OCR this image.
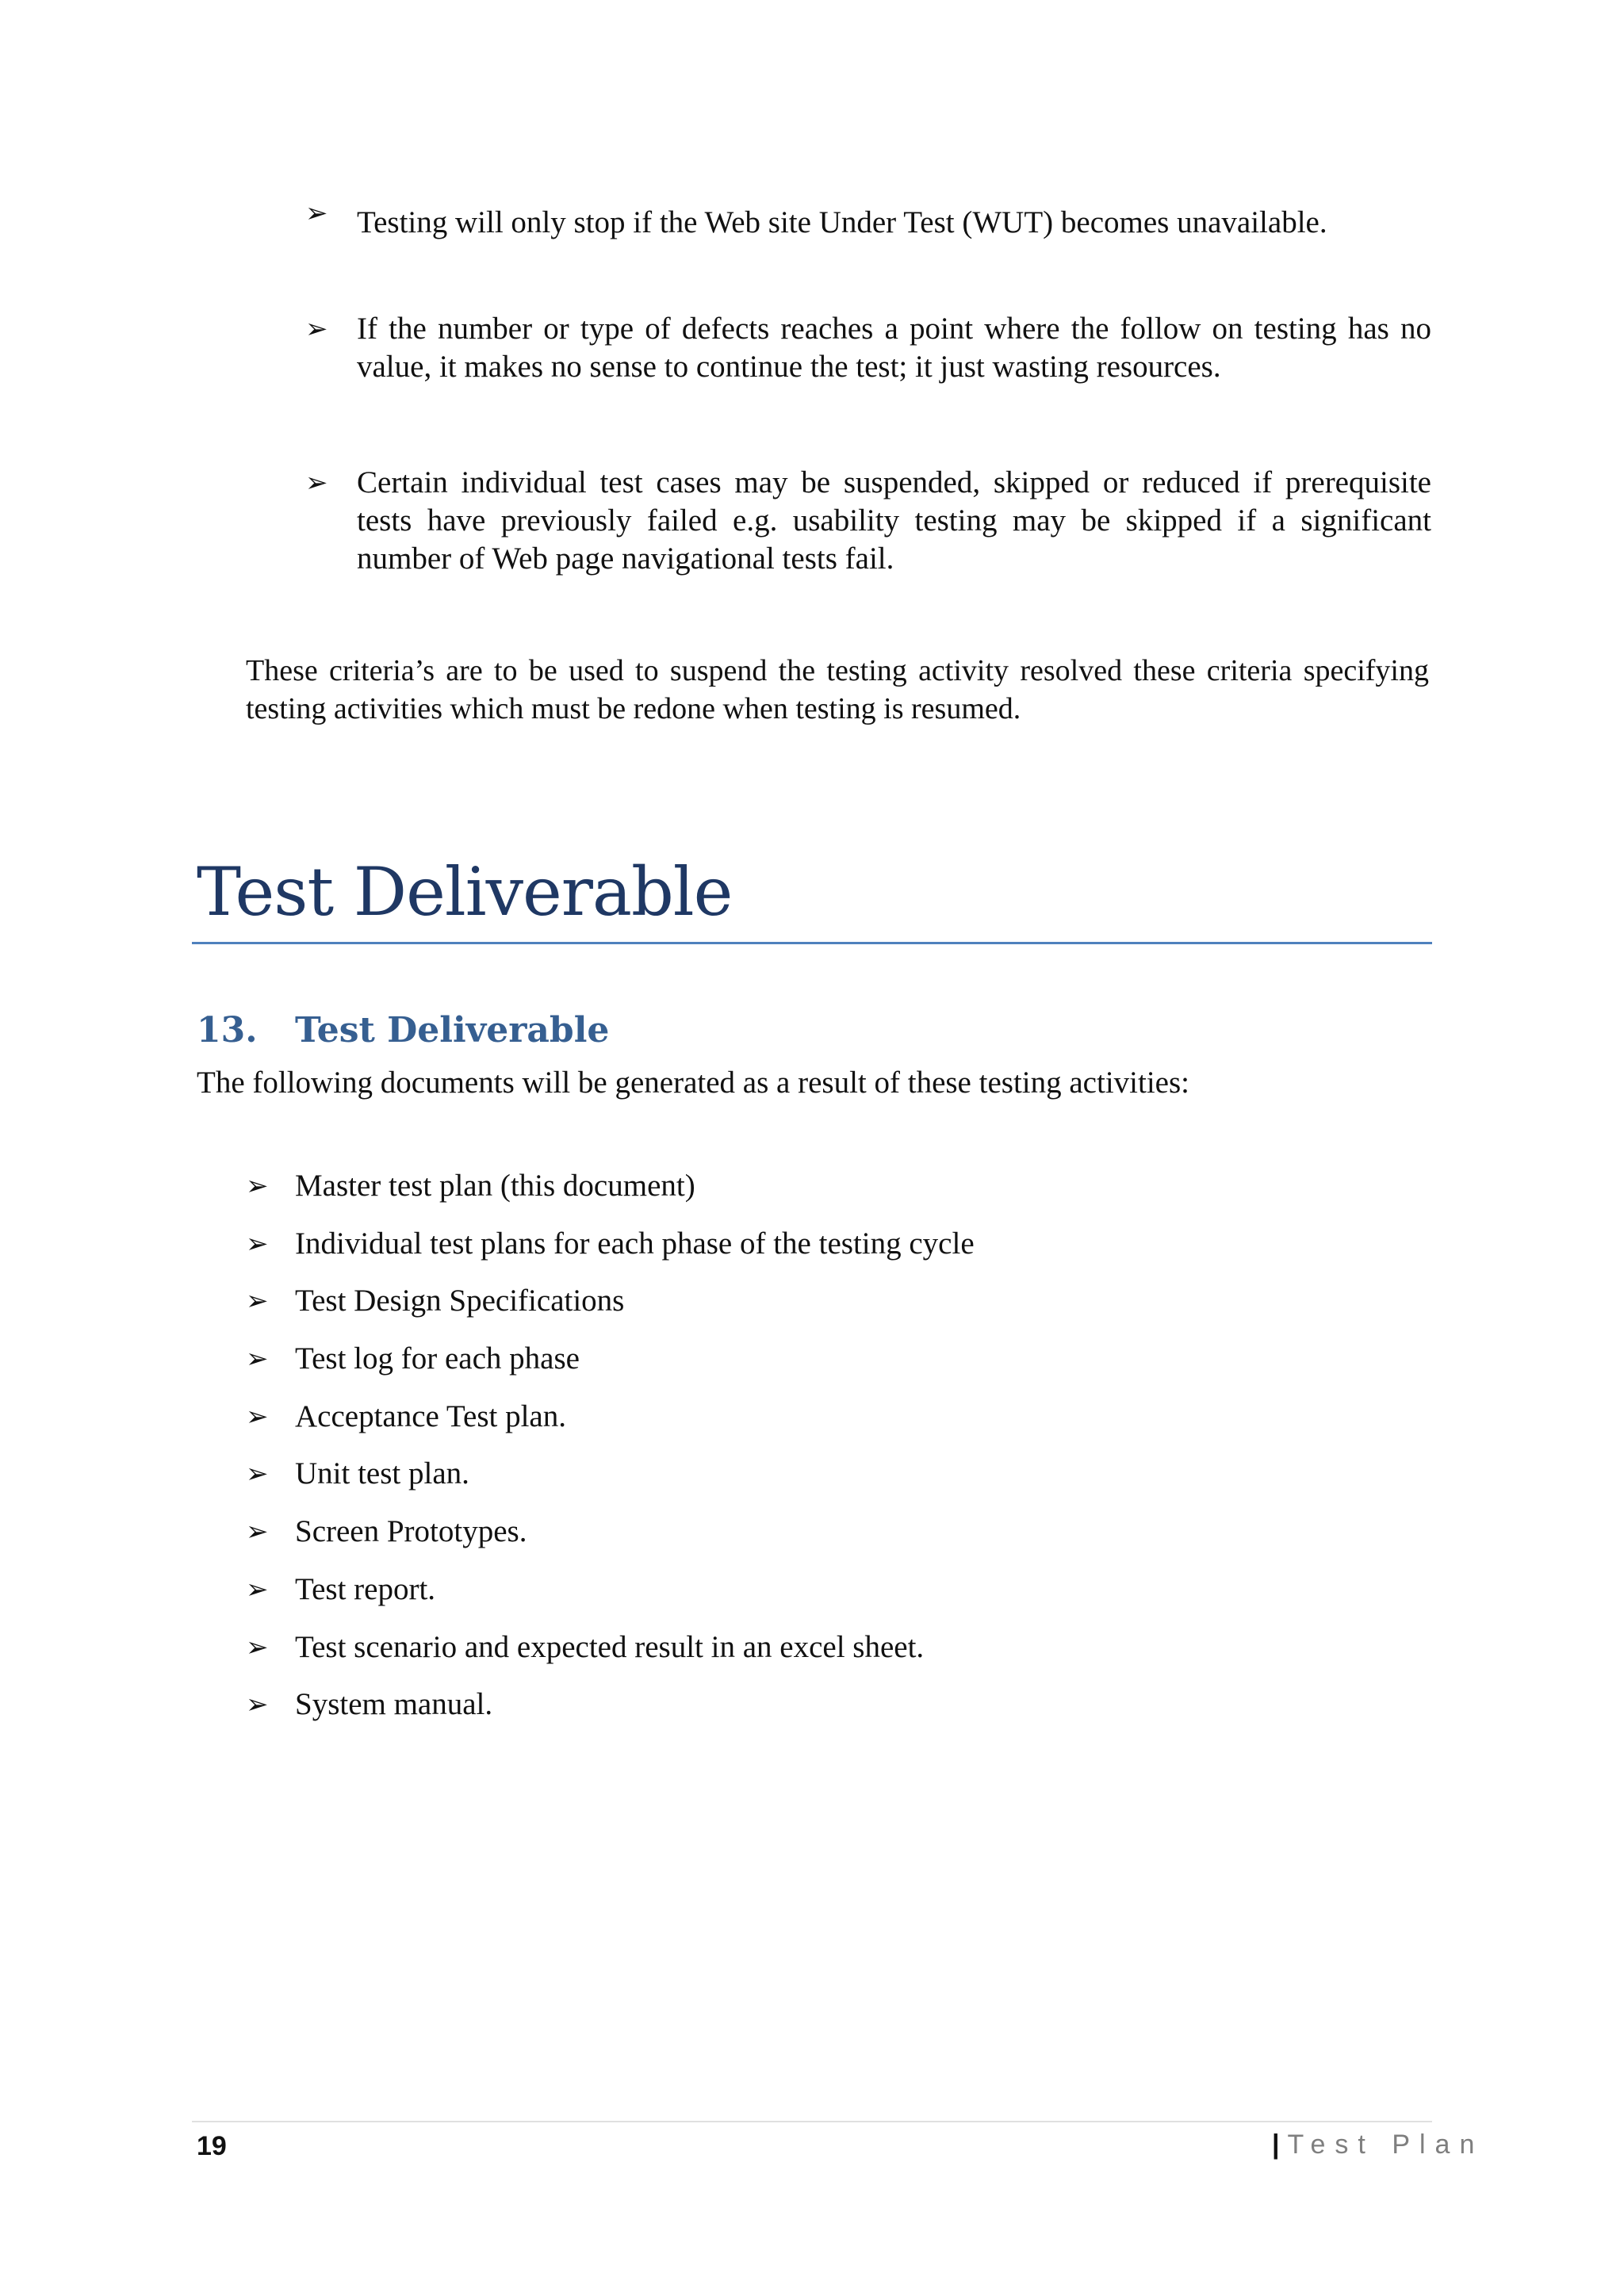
➢ Testing will only stop if the Web site Under Test (WUT) becomes unavailable.
➢ If the number or type of defects reaches a point where the follow on testing has no value, it makes no sense to continue the test; it just wasting resources.
➢ Certain individual test cases may be suspended, skipped or reduced if prerequisite tests have previously failed e.g. usability testing may be skipped if a significant number of Web page navigational tests fail.
These criteria’s are to be used to suspend the testing activity resolved these criteria specifying testing activities which must be redone when testing is resumed.
Test Deliverable
13. Test Deliverable
The following documents will be generated as a result of these testing activities:
➢ Master test plan (this document)
➢ Individual test plans for each phase of the testing cycle
➢ Test Design Specifications
➢ Test log for each phase
➢ Acceptance Test plan.
➢ Unit test plan.
➢ Screen Prototypes.
➢ Test report.
➢ Test scenario and expected result in an excel sheet.
➢ System manual.
19	| Test Plan
